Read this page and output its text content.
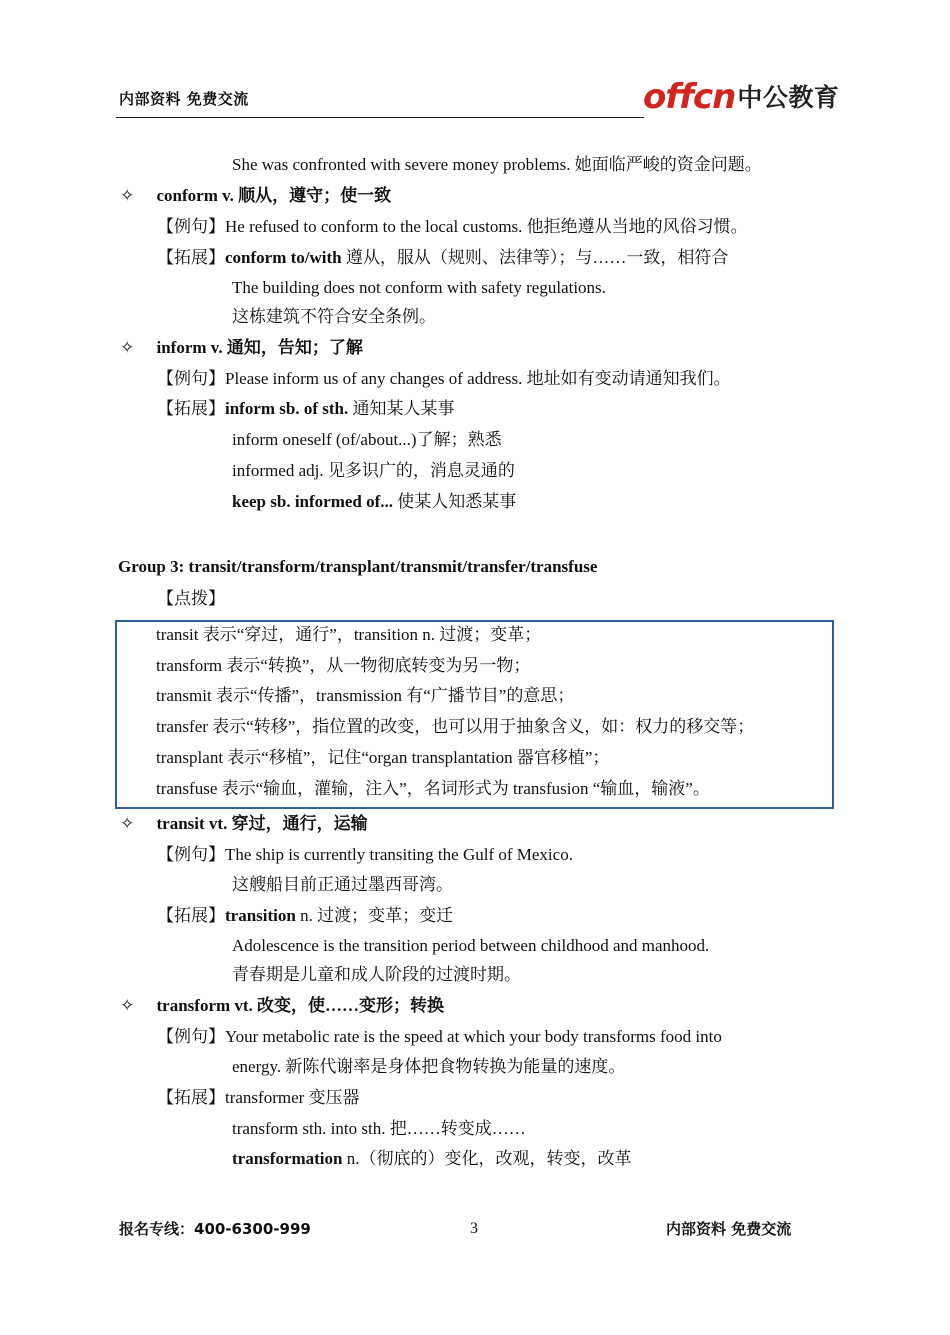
内部资料 免费交流	offcn 中公教育
She was confronted with severe money problems. 她面临严峻的资金问题。
✧ conform v. 顺从，遵守；使一致
【例句】He refused to conform to the local customs. 他拒绝遵从当地的风俗习惯。
【拓展】conform to/with 遵从，服从（规则、法律等）；与……一致，相符合
The building does not conform with safety regulations.
这栋建筑不符合安全条例。
✧ inform v. 通知，告知；了解
【例句】Please inform us of any changes of address. 地址如有变动请通知我们。
【拓展】inform sb. of sth. 通知某人某事
inform oneself (of/about...)了解；熟悉
informed adj. 见多识广的，消息灵通的
keep sb. informed of... 使某人知悉某事
Group 3: transit/transform/transplant/transmit/transfer/transfuse
【点拨】
transit 表示“穿过，通行”，transition n. 过渡；变革；
transform 表示“转换”，从一物彻底转变为另一物；
transmit 表示“传播”，transmission 有“广播节目”的意思；
transfer 表示“转移”，指位置的改变，也可以用于抽象含义，如：权力的移交等；
transplant 表示“移植”，记住“organ transplantation 器官移植”；
transfuse 表示“输血，灌输，注入”，名词形式为 transfusion “输血，输液”。
✧ transit vt. 穿过，通行，运输
【例句】The ship is currently transiting the Gulf of Mexico.
这艘船目前正通过墨西哥湾。
【拓展】transition n. 过渡；变革；变迁
Adolescence is the transition period between childhood and manhood.
青春期是儿童和成人阶段的过渡时期。
✧ transform vt. 改变，使……变形；转换
【例句】Your metabolic rate is the speed at which your body transforms food into
energy. 新陈代谢率是身体把食物转换为能量的速度。
【拓展】transformer 变压器
transform sth. into sth. 把……转变成……
transformation n.（彻底的）变化，改观，转变，改革
报名专线：400-6300-999	3	内部资料 免费交流
